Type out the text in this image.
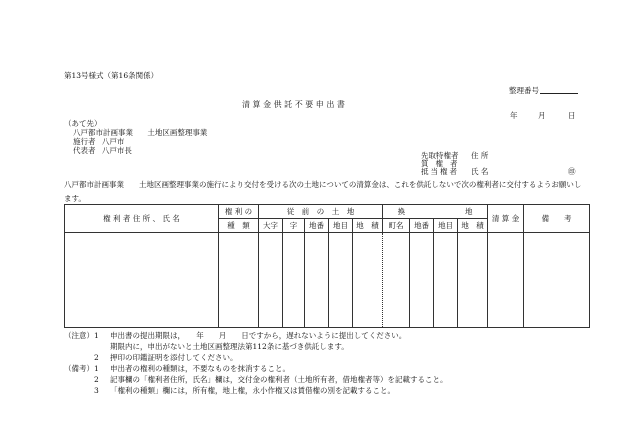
第13号様式（第16条関係）
整理番号
清 算 金 供 託 不 要 申 出 書
年	月	日
（あて先）
八戸都市計画事業 土地区画整理事業
施行者 八戸市
代表者 八戸市長
先取特権者 住 所
質権者
抵当権者 氏 名	㊞
八戸都市計画事業　　土地区画整理事業の施行により交付を受ける次の土地についての清算金は、これを供託しないで次の権利者に交付するようお願いします。
権 利 者 住 所 、 氏 名	権 利 の	従　前　の　土　地					換　　　　　　　　地				清 算 金	備　　考
	種　類	大字	字	地番	地目	地　積	町名	地番	地目	地　積		

（注意）1 申出書の提出期限は，　　年　　月　　日ですから，遅れないように提出してください。
期限内に，申出がないと土地区画整理法第112条に基づき供託します。
2 押印の印鑑証明を添付してください。
（備考）1 申出者の権利の種類は，不要なものを抹消すること。
2 記事欄の「権利者住所，氏名」欄は，交付金の権利者（土地所有者，借地権者等）を記載すること。
3 「権利の種類」欄には，所有権，地上権，永小作権又は賃借権の別を記載すること。
